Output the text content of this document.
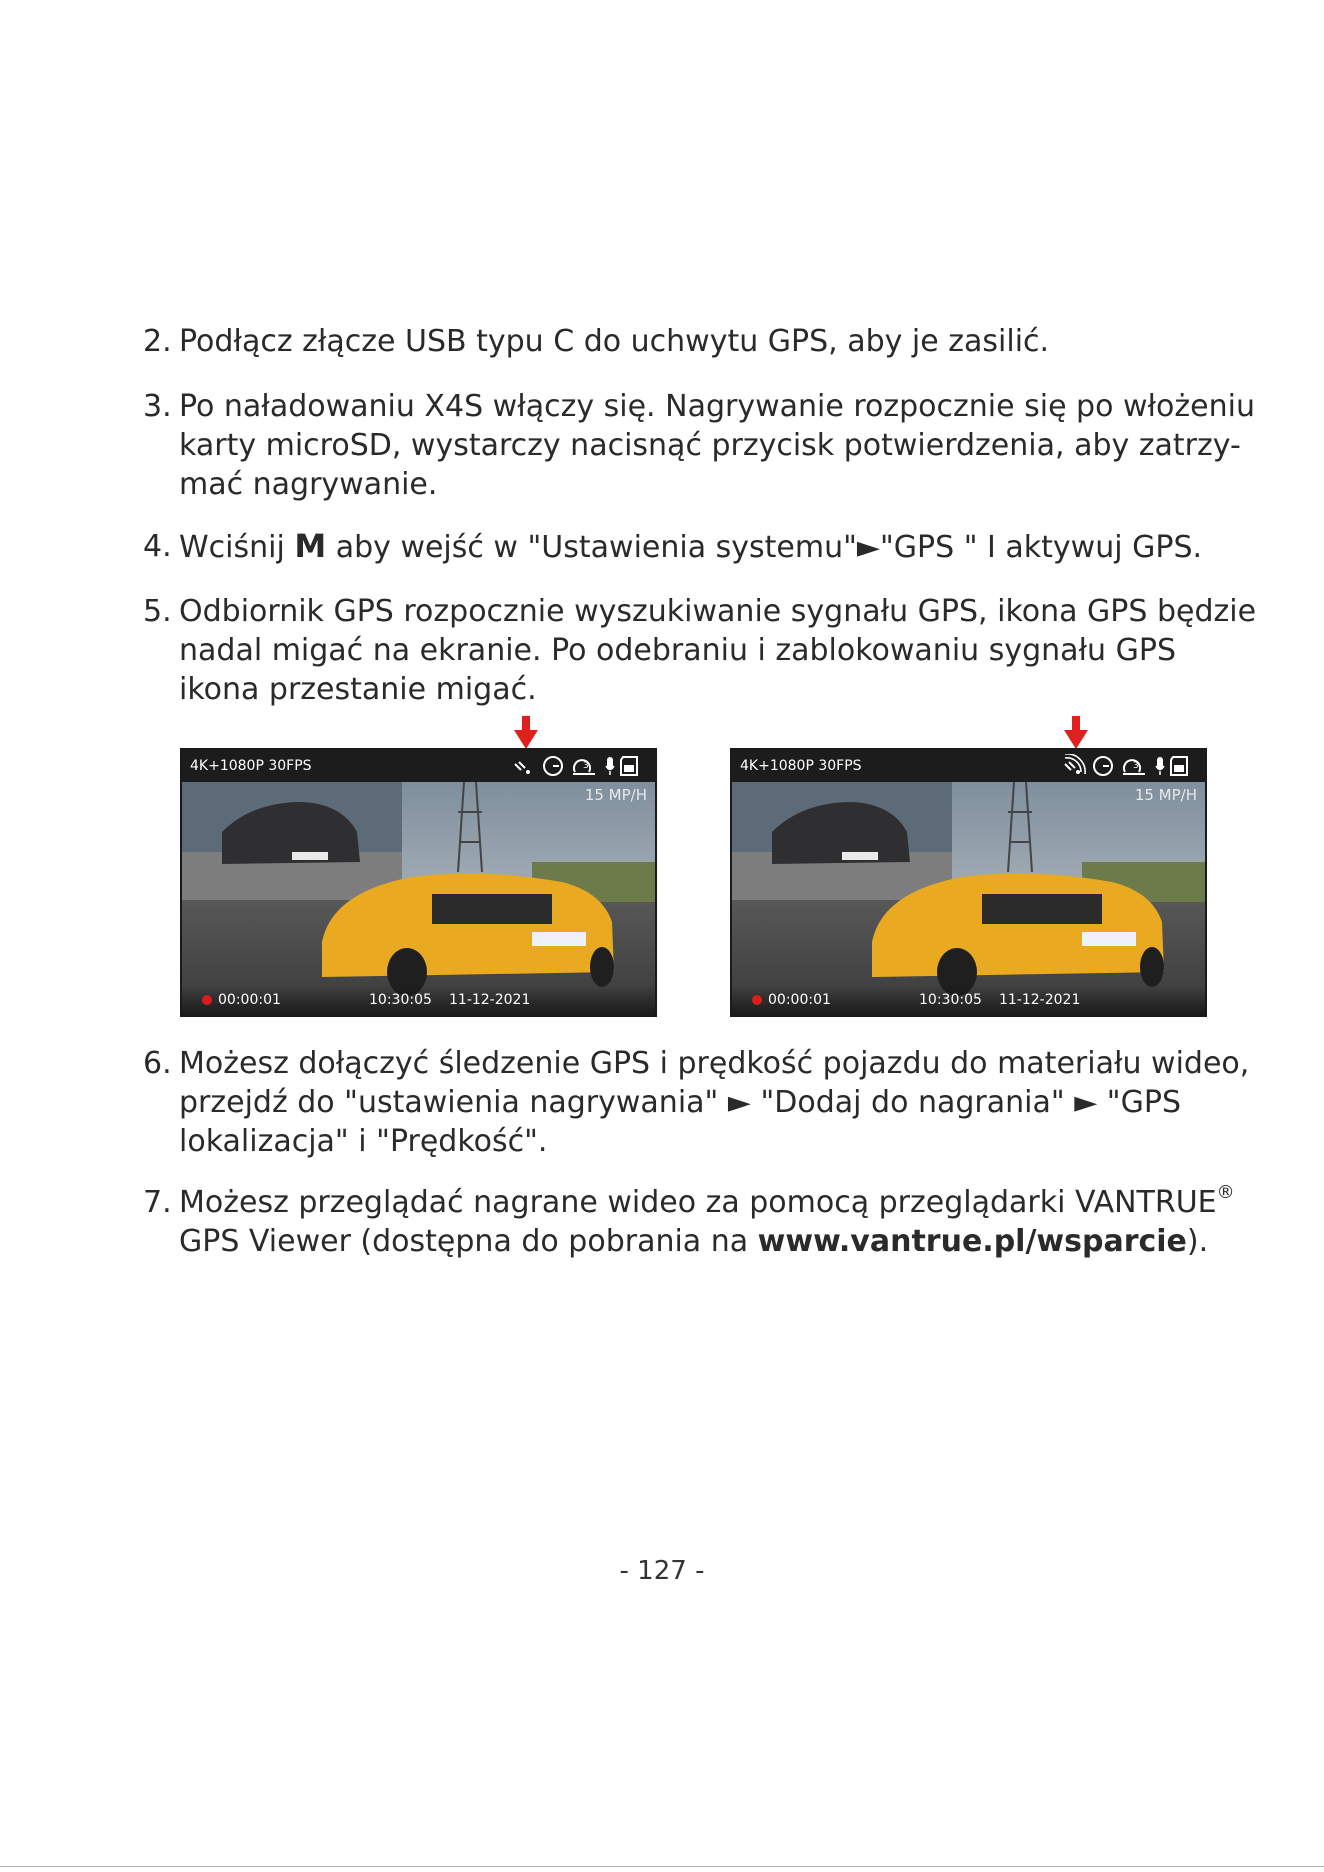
2. Podłącz złącze USB typu C do uchwytu GPS, aby je zasilić.
3. Po naładowaniu X4S włączy się. Nagrywanie rozpocznie się po włożeniu
karty microSD, wystarczy nacisnąć przycisk potwierdzenia, aby zatrzy-
mać nagrywanie.
4. Wciśnij M aby wejść w "Ustawienia systemu"►"GPS " I aktywuj GPS.
5. Odbiornik GPS rozpocznie wyszukiwanie sygnału GPS, ikona GPS będzie
nadal migać na ekranie. Po odebraniu i zablokowaniu sygnału GPS
ikona przestanie migać.
4K+1080P 30FPS	3
15 MP/H
00:00:01	10:30:05 11-12-2021
4K+1080P 30FPS	3
15 MP/H
00:00:01	10:30:05 11-12-2021
6. Możesz dołączyć śledzenie GPS i prędkość pojazdu do materiału wideo,
przejdź do "ustawienia nagrywania" ► "Dodaj do nagrania" ► "GPS
lokalizacja" i "Prędkość".
7. Możesz przeglądać nagrane wideo za pomocą przeglądarki VANTRUE®
GPS Viewer (dostępna do pobrania na www.vantrue.pl/wsparcie).
- 127 -
